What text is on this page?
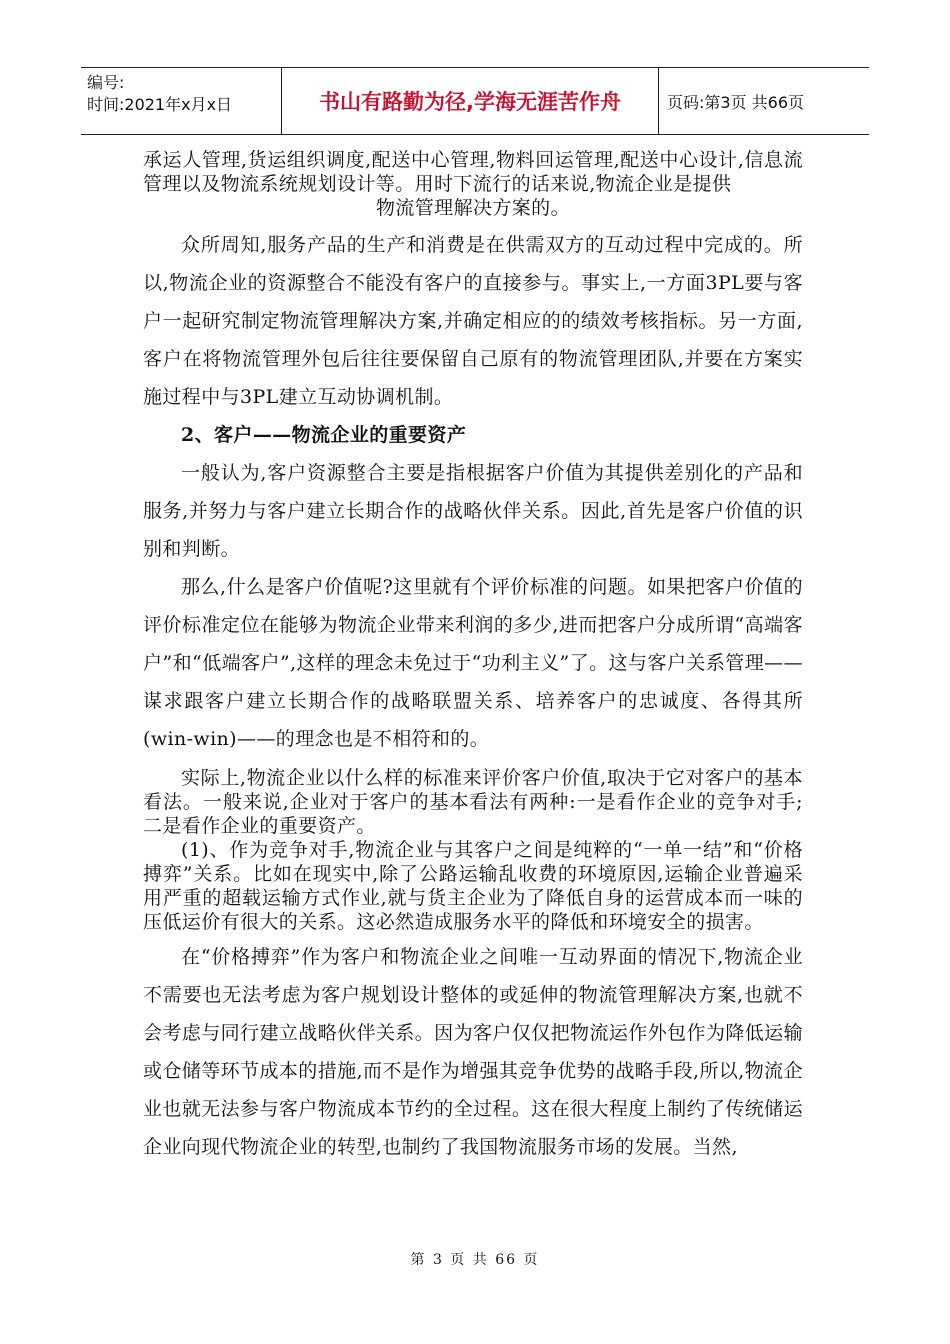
编号:
时间:2021年x月x日	书山有路勤为径,学海无涯苦作舟	页码:第3页 共66页

承运人管理,货运组织调度,配送中心管理,物料回运管理,配送中心设计,信息流管理以及物流系统规划设计等。用时下流行的话来说,物流企业是提供

物流管理解决方案的。

众所周知,服务产品的生产和消费是在供需双方的互动过程中完成的。所以,物流企业的资源整合不能没有客户的直接参与。事实上,一方面3PL要与客户一起研究制定物流管理解决方案,并确定相应的的绩效考核指标。另一方面,客户在将物流管理外包后往往要保留自己原有的物流管理团队,并要在方案实施过程中与3PL建立互动协调机制。

2、客户——物流企业的重要资产

一般认为,客户资源整合主要是指根据客户价值为其提供差别化的产品和服务,并努力与客户建立长期合作的战略伙伴关系。因此,首先是客户价值的识别和判断。

那么,什么是客户价值呢?这里就有个评价标准的问题。如果把客户价值的评价标准定位在能够为物流企业带来利润的多少,进而把客户分成所谓“高端客户”和“低端客户”,这样的理念未免过于“功利主义”了。这与客户关系管理——谋求跟客户建立长期合作的战略联盟关系、培养客户的忠诚度、各得其所(win-win)——的理念也是不相符和的。

实际上,物流企业以什么样的标准来评价客户价值,取决于它对客户的基本看法。一般来说,企业对于客户的基本看法有两种:一是看作企业的竞争对手;二是看作企业的重要资产。

(1)、作为竞争对手,物流企业与其客户之间是纯粹的“一单一结”和“价格搏弈”关系。比如在现实中,除了公路运输乱收费的环境原因,运输企业普遍采用严重的超载运输方式作业,就与货主企业为了降低自身的运营成本而一味的压低运价有很大的关系。这必然造成服务水平的降低和环境安全的损害。

在“价格搏弈”作为客户和物流企业之间唯一互动界面的情况下,物流企业不需要也无法考虑为客户规划设计整体的或延伸的物流管理解决方案,也就不会考虑与同行建立战略伙伴关系。因为客户仅仅把物流运作外包作为降低运输或仓储等环节成本的措施,而不是作为增强其竞争优势的战略手段,所以,物流企业也就无法参与客户物流成本节约的全过程。这在很大程度上制约了传统储运企业向现代物流企业的转型,也制约了我国物流服务市场的发展。当然,

第 3 页 共 66 页
